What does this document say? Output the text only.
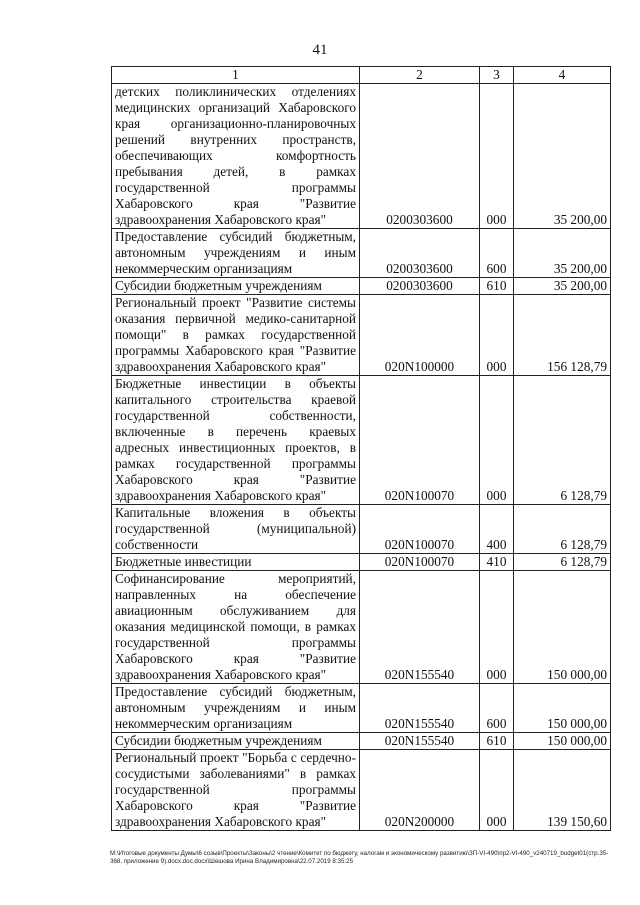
41
1	2	3	4
детских поликлинических отделениях медицинских организаций Хабаровского края организационно-планировочных решений внутренних пространств, обеспечивающих комфортность пребывания детей, в рамках государственной программы Хабаровского края "Развитие здравоохранения Хабаровского края"	0200303600	000	35 200,00
Предоставление субсидий бюджетным, автономным учреждениям и иным некоммерческим организациям	0200303600	600	35 200,00
Субсидии бюджетным учреждениям	0200303600	610	35 200,00
Региональный проект "Развитие системы оказания первичной медико-санитарной помощи" в рамках государственной программы Хабаровского края "Развитие здравоохранения Хабаровского края"	020N100000	000	156 128,79
Бюджетные инвестиции в объекты капитального строительства краевой государственной собственности, включенные в перечень краевых адресных инвестиционных проектов, в рамках государственной программы Хабаровского края "Развитие здравоохранения Хабаровского края"	020N100070	000	6 128,79
Капитальные вложения в объекты государственной (муниципальной) собственности	020N100070	400	6 128,79
Бюджетные инвестиции	020N100070	410	6 128,79
Софинансирование мероприятий, направленных на обеспечение авиационным обслуживанием для оказания медицинской помощи, в рамках государственной программы Хабаровского края "Развитие здравоохранения Хабаровского края"	020N155540	000	150 000,00
Предоставление субсидий бюджетным, автономным учреждениям и иным некоммерческим организациям	020N155540	600	150 000,00
Субсидии бюджетным учреждениям	020N155540	610	150 000,00
Региональный проект "Борьба с сердечно-сосудистыми заболеваниями" в рамках государственной программы Хабаровского края "Развитие здравоохранения Хабаровского края"	020N200000	000	139 150,60
M:\Итоговые документы Думы\6 созыв\Проекты\Законы\2 чтение\Комитет по бюджету, налогам и экономическому развитию\ЗП-VI-490\пр2-VI-490_v240719_budget01(стр.35-368, приложение 9).docx.doc.docx\Шешова Ирина Владимировна\22.07.2019 8:35:25
